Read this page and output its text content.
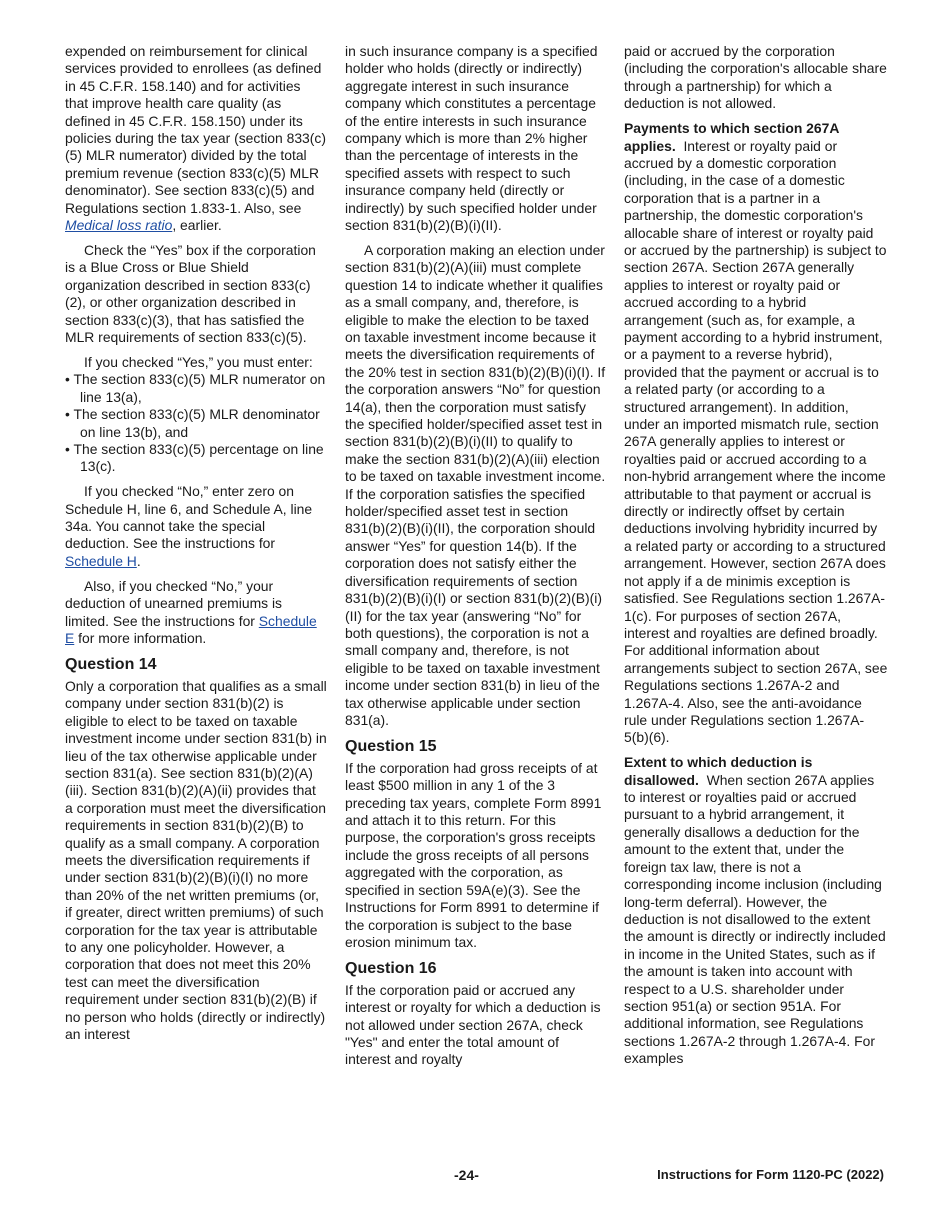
expended on reimbursement for clinical services provided to enrollees (as defined in 45 C.F.R. 158.140) and for activities that improve health care quality (as defined in 45 C.F.R. 158.150) under its policies during the tax year (section 833(c)(5) MLR numerator) divided by the total premium revenue (section 833(c)(5) MLR denominator). See section 833(c)(5) and Regulations section 1.833-1. Also, see Medical loss ratio, earlier.

Check the “Yes” box if the corporation is a Blue Cross or Blue Shield organization described in section 833(c)(2), or other organization described in section 833(c)(3), that has satisfied the MLR requirements of section 833(c)(5).

If you checked “Yes,” you must enter:

• The section 833(c)(5) MLR numerator on line 13(a),

• The section 833(c)(5) MLR denominator on line 13(b), and

• The section 833(c)(5) percentage on line 13(c).

If you checked “No,” enter zero on Schedule H, line 6, and Schedule A, line 34a. You cannot take the special deduction. See the instructions for Schedule H.

Also, if you checked “No,” your deduction of unearned premiums is limited. See the instructions for Schedule E for more information.

Question 14

Only a corporation that qualifies as a small company under section 831(b)(2) is eligible to elect to be taxed on taxable investment income under section 831(b) in lieu of the tax otherwise applicable under section 831(a). See section 831(b)(2)(A)(iii). Section 831(b)(2)(A)(ii) provides that a corporation must meet the diversification requirements in section 831(b)(2)(B) to qualify as a small company. A corporation meets the diversification requirements if under section 831(b)(2)(B)(i)(I) no more than 20% of the net written premiums (or, if greater, direct written premiums) of such corporation for the tax year is attributable to any one policyholder. However, a corporation that does not meet this 20% test can meet the diversification requirement under section 831(b)(2)(B) if no person who holds (directly or indirectly) an interest

in such insurance company is a specified holder who holds (directly or indirectly) aggregate interest in such insurance company which constitutes a percentage of the entire interests in such insurance company which is more than 2% higher than the percentage of interests in the specified assets with respect to such insurance company held (directly or indirectly) by such specified holder under section 831(b)(2)(B)(i)(II).

A corporation making an election under section 831(b)(2)(A)(iii) must complete question 14 to indicate whether it qualifies as a small company, and, therefore, is eligible to make the election to be taxed on taxable investment income because it meets the diversification requirements of the 20% test in section 831(b)(2)(B)(i)(I). If the corporation answers “No” for question 14(a), then the corporation must satisfy the specified holder/specified asset test in section 831(b)(2)(B)(i)(II) to qualify to make the section 831(b)(2)(A)(iii) election to be taxed on taxable investment income. If the corporation satisfies the specified holder/specified asset test in section 831(b)(2)(B)(i)(II), the corporation should answer “Yes” for question 14(b). If the corporation does not satisfy either the diversification requirements of section 831(b)(2)(B)(i)(I) or section 831(b)(2)(B)(i)(II) for the tax year (answering “No” for both questions), the corporation is not a small company and, therefore, is not eligible to be taxed on taxable investment income under section 831(b) in lieu of the tax otherwise applicable under section 831(a).

Question 15

If the corporation had gross receipts of at least $500 million in any 1 of the 3 preceding tax years, complete Form 8991 and attach it to this return. For this purpose, the corporation's gross receipts include the gross receipts of all persons aggregated with the corporation, as specified in section 59A(e)(3). See the Instructions for Form 8991 to determine if the corporation is subject to the base erosion minimum tax.

Question 16

If the corporation paid or accrued any interest or royalty for which a deduction is not allowed under section 267A, check "Yes" and enter the total amount of interest and royalty

paid or accrued by the corporation (including the corporation's allocable share through a partnership) for which a deduction is not allowed.

Payments to which section 267A applies. Interest or royalty paid or accrued by a domestic corporation (including, in the case of a domestic corporation that is a partner in a partnership, the domestic corporation's allocable share of interest or royalty paid or accrued by the partnership) is subject to section 267A. Section 267A generally applies to interest or royalty paid or accrued according to a hybrid arrangement (such as, for example, a payment according to a hybrid instrument, or a payment to a reverse hybrid), provided that the payment or accrual is to a related party (or according to a structured arrangement). In addition, under an imported mismatch rule, section 267A generally applies to interest or royalties paid or accrued according to a non-hybrid arrangement where the income attributable to that payment or accrual is directly or indirectly offset by certain deductions involving hybridity incurred by a related party or according to a structured arrangement. However, section 267A does not apply if a de minimis exception is satisfied. See Regulations section 1.267A-1(c). For purposes of section 267A, interest and royalties are defined broadly. For additional information about arrangements subject to section 267A, see Regulations sections 1.267A-2 and 1.267A-4. Also, see the anti-avoidance rule under Regulations section 1.267A-5(b)(6).

Extent to which deduction is disallowed. When section 267A applies to interest or royalties paid or accrued pursuant to a hybrid arrangement, it generally disallows a deduction for the amount to the extent that, under the foreign tax law, there is not a corresponding income inclusion (including long-term deferral). However, the deduction is not disallowed to the extent the amount is directly or indirectly included in income in the United States, such as if the amount is taken into account with respect to a U.S. shareholder under section 951(a) or section 951A. For additional information, see Regulations sections 1.267A-2 through 1.267A-4. For examples

-24-	Instructions for Form 1120-PC (2022)
